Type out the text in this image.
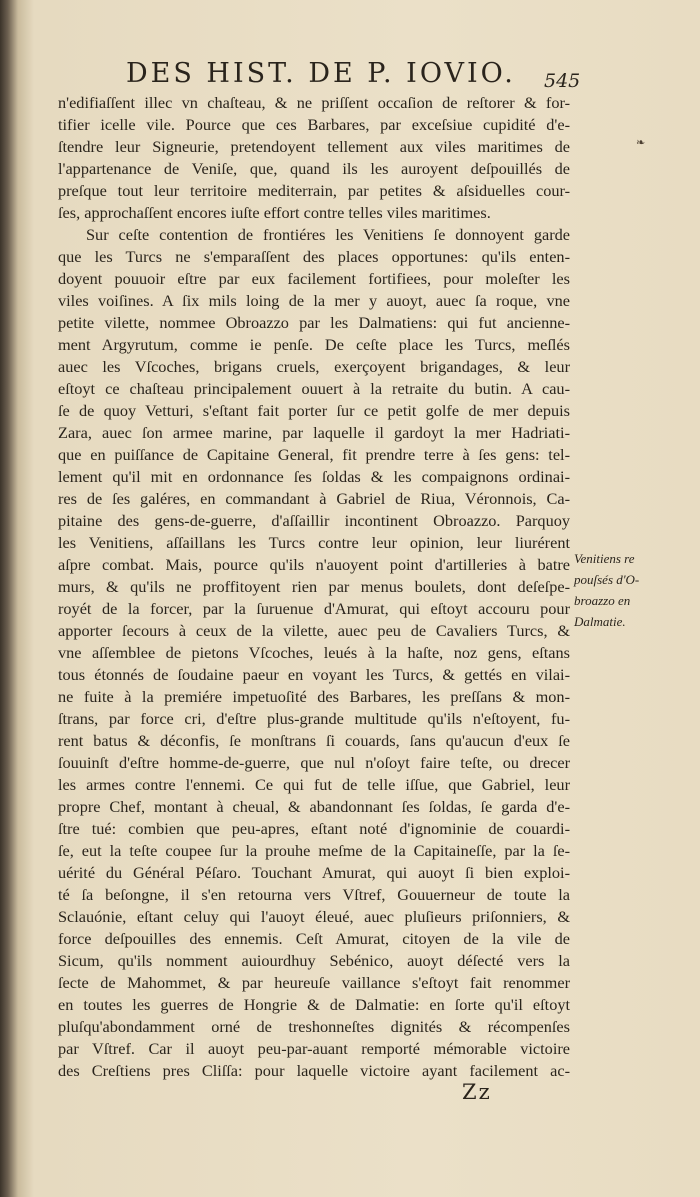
DES HIST. DE P. IOVIO. 545
❧
n'edifiaſſent illec vn chaſteau, & ne priſſent occaſion de reſtorer & for-
tifier icelle vile. Pource que ces Barbares, par exceſsiue cupidité d'e-
ſtendre leur Signeurie, pretendoyent tellement aux viles maritimes de
l'appartenance de Veniſe, que, quand ils les auroyent deſpouillés de
preſque tout leur territoire mediterrain, par petites & aſsiduelles cour-
ſes, approchaſſent encores iuſte effort contre telles viles maritimes.
Sur ceſte contention de frontiéres les Venitiens ſe donnoyent garde
que les Turcs ne s'emparaſſent des places opportunes: qu'ils enten-
doyent pouuoir eſtre par eux facilement fortifiees, pour moleſter les
viles voiſines. A ſix mils loing de la mer y auoyt, auec ſa roque, vne
petite vilette, nommee Obroazzo par les Dalmatiens: qui fut ancienne-
ment Argyrutum, comme ie penſe. De ceſte place les Turcs, meſlés
auec les Vſcoches, brigans cruels, exerçoyent brigandages, & leur
eſtoyt ce chaſteau principalement ouuert à la retraite du butin. A cau-
ſe de quoy Vetturi, s'eſtant fait porter ſur ce petit golfe de mer depuis
Zara, auec ſon armee marine, par laquelle il gardoyt la mer Hadriati-
que en puiſſance de Capitaine General, fit prendre terre à ſes gens: tel-
lement qu'il mit en ordonnance ſes ſoldas & les compaignons ordinai-
res de ſes galéres, en commandant à Gabriel de Riua, Véronnois, Ca-
pitaine des gens-de-guerre, d'aſſaillir incontinent Obroazzo. Parquoy
les Venitiens, aſſaillans les Turcs contre leur opinion, leur liurérent
aſpre combat. Mais, pource qu'ils n'auoyent point d'artilleries à batre
murs, & qu'ils ne proffitoyent rien par menus boulets, dont deſeſpe-
royét de la forcer, par la ſuruenue d'Amurat, qui eſtoyt accouru pour
apporter ſecours à ceux de la vilette, auec peu de Cavaliers Turcs, &
vne aſſemblee de pietons Vſcoches, leués à la haſte, noz gens, eſtans
tous étonnés de ſoudaine paeur en voyant les Turcs, & gettés en vilai-
ne fuite à la premiére impetuoſité des Barbares, les preſſans & mon-
ſtrans, par force cri, d'eſtre plus-grande multitude qu'ils n'eſtoyent, fu-
rent batus & déconfis, ſe monſtrans ſi couards, ſans qu'aucun d'eux ſe
ſouuinſt d'eſtre homme-de-guerre, que nul n'oſoyt faire teſte, ou drecer
les armes contre l'ennemi. Ce qui fut de telle iſſue, que Gabriel, leur
propre Chef, montant à cheual, & abandonnant ſes ſoldas, ſe garda d'e-
ſtre tué: combien que peu-apres, eſtant noté d'ignominie de couardi-
ſe, eut la teſte coupee ſur la prouhe meſme de la Capitaineſſe, par la ſe-
uérité du Général Péſaro. Touchant Amurat, qui auoyt ſi bien exploi-
té ſa beſongne, il s'en retourna vers Vſtref, Gouuerneur de toute la
Sclauónie, eſtant celuy qui l'auoyt éleué, auec pluſieurs priſonniers, &
force deſpouilles des ennemis. Ceſt Amurat, citoyen de la vile de
Sicum, qu'ils nomment auiourdhuy Sebénico, auoyt déſecté vers la
ſecte de Mahommet, & par heureuſe vaillance s'eſtoyt fait renommer
en toutes les guerres de Hongrie & de Dalmatie: en ſorte qu'il eſtoyt
pluſqu'abondamment orné de treshonneſtes dignités & récompenſes
par Vſtref. Car il auoyt peu-par-auant remporté mémorable victoire
des Creſtiens pres Cliſſa: pour laquelle victoire ayant facilement ac-
Venitiens re
pouſsés d'O-
broazzo en
Dalmatie.
Zz
